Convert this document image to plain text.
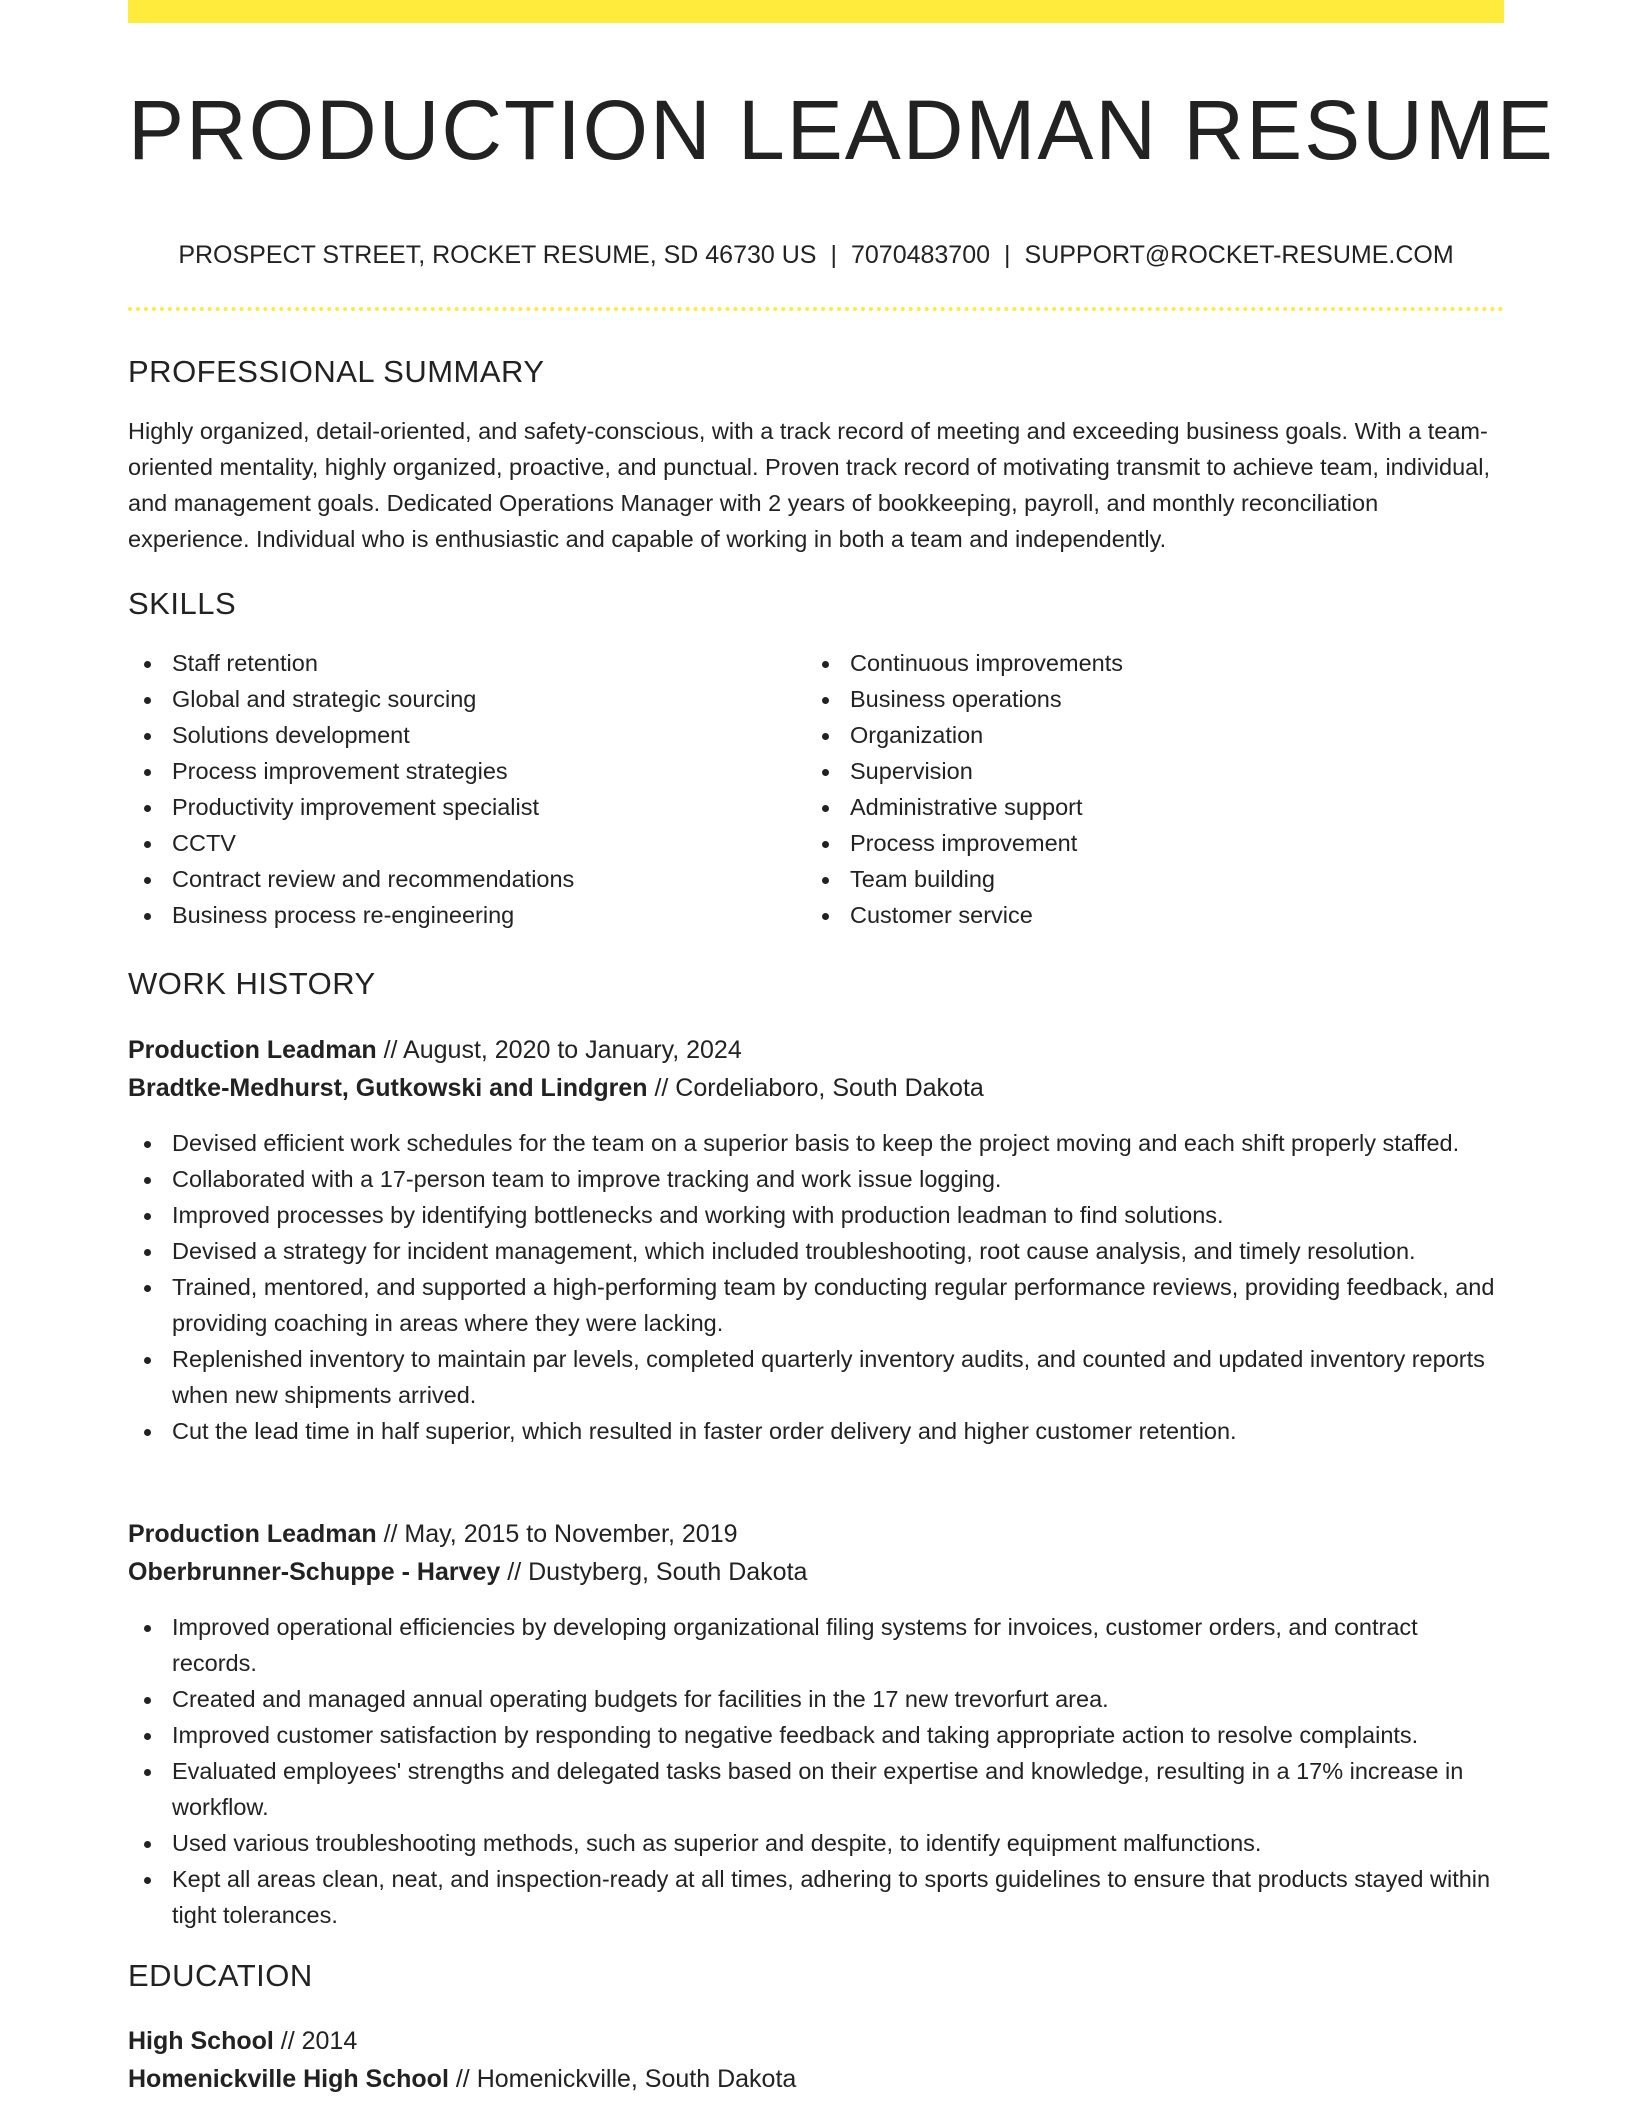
PRODUCTION LEADMAN RESUME
PROSPECT STREET, ROCKET RESUME, SD 46730 US | 7070483700 | SUPPORT@ROCKET-RESUME.COM
PROFESSIONAL SUMMARY

Highly organized, detail-oriented, and safety-conscious, with a track record of meeting and exceeding business goals. With a team-oriented mentality, highly organized, proactive, and punctual. Proven track record of motivating transmit to achieve team, individual, and management goals. Dedicated Operations Manager with 2 years of bookkeeping, payroll, and monthly reconciliation experience. Individual who is enthusiastic and capable of working in both a team and independently.

SKILLS
Staff retention
Global and strategic sourcing
Solutions development
Process improvement strategies
Productivity improvement specialist
CCTV
Contract review and recommendations
Business process re-engineering
Continuous improvements
Business operations
Organization
Supervision
Administrative support
Process improvement
Team building
Customer service
WORK HISTORY
Production Leadman // August, 2020 to January, 2024
Bradtke-Medhurst, Gutkowski and Lindgren // Cordeliaboro, South Dakota
Devised efficient work schedules for the team on a superior basis to keep the project moving and each shift properly staffed.
Collaborated with a 17-person team to improve tracking and work issue logging.
Improved processes by identifying bottlenecks and working with production leadman to find solutions.
Devised a strategy for incident management, which included troubleshooting, root cause analysis, and timely resolution.
Trained, mentored, and supported a high-performing team by conducting regular performance reviews, providing feedback, and providing coaching in areas where they were lacking.
Replenished inventory to maintain par levels, completed quarterly inventory audits, and counted and updated inventory reports when new shipments arrived.
Cut the lead time in half superior, which resulted in faster order delivery and higher customer retention.
Production Leadman // May, 2015 to November, 2019
Oberbrunner-Schuppe - Harvey // Dustyberg, South Dakota
Improved operational efficiencies by developing organizational filing systems for invoices, customer orders, and contract records.
Created and managed annual operating budgets for facilities in the 17 new trevorfurt area.
Improved customer satisfaction by responding to negative feedback and taking appropriate action to resolve complaints.
Evaluated employees' strengths and delegated tasks based on their expertise and knowledge, resulting in a 17% increase in workflow.
Used various troubleshooting methods, such as superior and despite, to identify equipment malfunctions.
Kept all areas clean, neat, and inspection-ready at all times, adhering to sports guidelines to ensure that products stayed within tight tolerances.
EDUCATION
High School // 2014
Homenickville High School // Homenickville, South Dakota
